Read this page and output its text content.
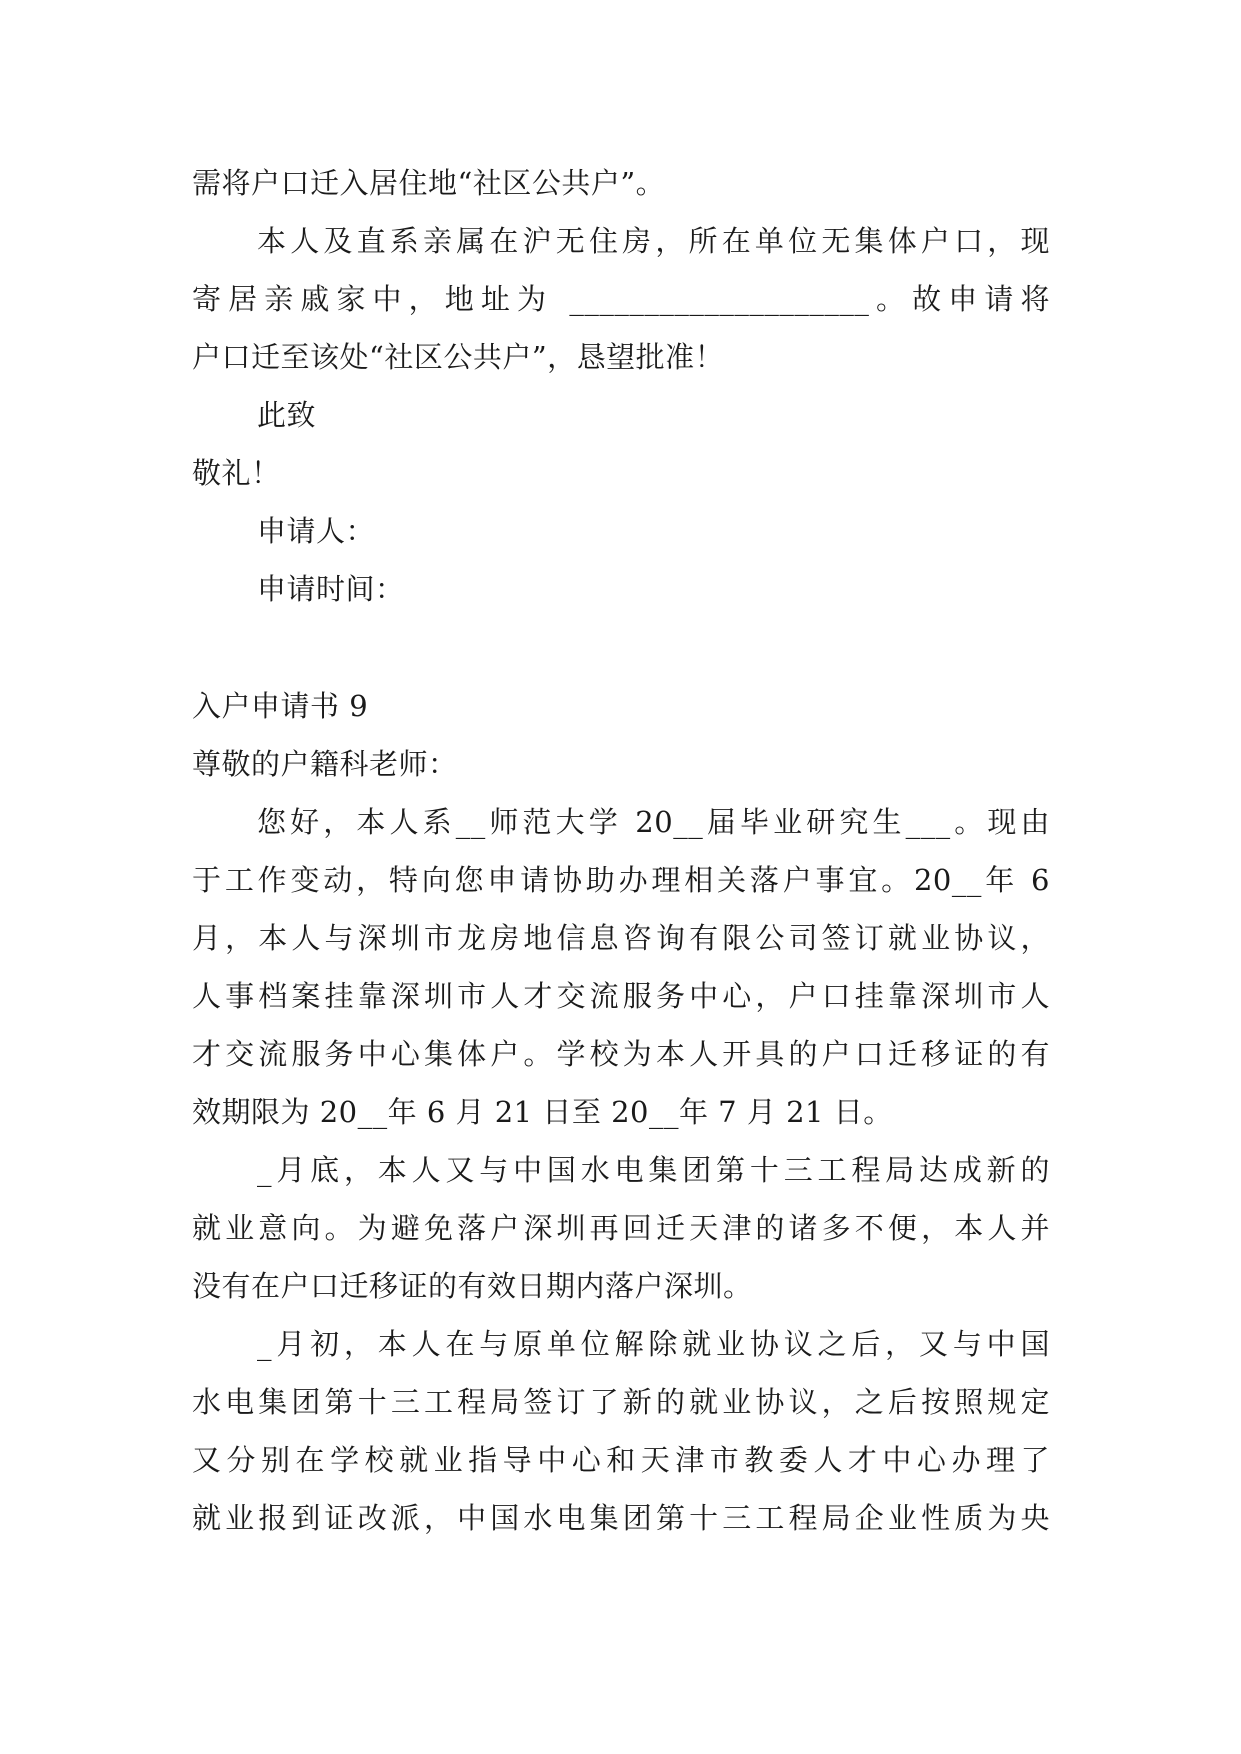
需将户口迁入居住地“社区公共户”。
本人及直系亲属在沪无住房，所在单位无集体户口，现
寄居亲戚家中，地址为 ____________________。故申请将
户口迁至该处“社区公共户”，恳望批准！
此致
敬礼！
申请人：
申请时间：
入户申请书 9
尊敬的户籍科老师：
您好，本人系__师范大学 20__届毕业研究生___。现由
于工作变动，特向您申请协助办理相关落户事宜。20__年 6
月，本人与深圳市龙房地信息咨询有限公司签订就业协议，
人事档案挂靠深圳市人才交流服务中心，户口挂靠深圳市人
才交流服务中心集体户。学校为本人开具的户口迁移证的有
效期限为 20__年 6 月 21 日至 20__年 7 月 21 日。
_月底，本人又与中国水电集团第十三工程局达成新的
就业意向。为避免落户深圳再回迁天津的诸多不便，本人并
没有在户口迁移证的有效日期内落户深圳。
_月初，本人在与原单位解除就业协议之后，又与中国
水电集团第十三工程局签订了新的就业协议，之后按照规定
又分别在学校就业指导中心和天津市教委人才中心办理了
就业报到证改派，中国水电集团第十三工程局企业性质为央
